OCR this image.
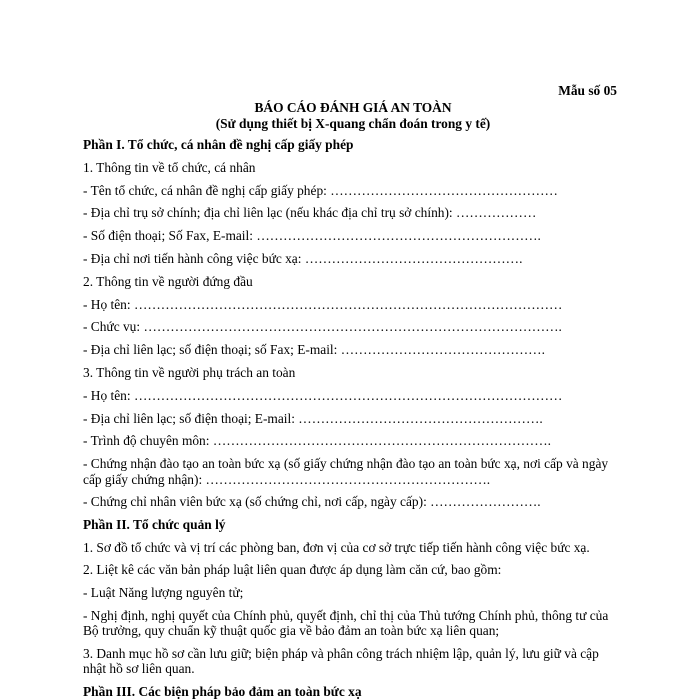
Mẫu số 05
BÁO CÁO ĐÁNH GIÁ AN TOÀN
(Sử dụng thiết bị X-quang chẩn đoán trong y tế)
Phần I. Tổ chức, cá nhân đề nghị cấp giấy phép
1. Thông tin về tổ chức, cá nhân
- Tên tổ chức, cá nhân đề nghị cấp giấy phép: ……………………………………………
- Địa chỉ trụ sở chính; địa chỉ liên lạc (nếu khác địa chỉ trụ sở chính): ………………
- Số điện thoại; Số Fax, E-mail: ……………………………………………………….
- Địa chỉ nơi tiến hành công việc bức xạ: ………………………………………….
2. Thông tin về người đứng đầu
- Họ tên: ……………………………………………………………………………………
- Chức vụ: ………………………………………………………………………………….
- Địa chỉ liên lạc; số điện thoại; số Fax; E-mail: ……………………………………….
3. Thông tin về người phụ trách an toàn
- Họ tên: ……………………………………………………………………………………
- Địa chỉ liên lạc; số điện thoại; E-mail: ……………………………………………….
- Trình độ chuyên môn: ………………………………………………………………….
- Chứng nhận đào tạo an toàn bức xạ (số giấy chứng nhận đào tạo an toàn bức xạ, nơi cấp và ngày cấp giấy chứng nhận): ……………………………………………………….
- Chứng chỉ nhân viên bức xạ (số chứng chỉ, nơi cấp, ngày cấp): …………………….
Phần II. Tổ chức quản lý
1. Sơ đồ tổ chức và vị trí các phòng ban, đơn vị của cơ sở trực tiếp tiến hành công việc bức xạ.
2. Liệt kê các văn bản pháp luật liên quan được áp dụng làm căn cứ, bao gồm:
- Luật Năng lượng nguyên tử;
- Nghị định, nghị quyết của Chính phủ, quyết định, chỉ thị của Thủ tướng Chính phủ, thông tư của Bộ trưởng, quy chuẩn kỹ thuật quốc gia về bảo đảm an toàn bức xạ liên quan;
3. Danh mục hồ sơ cần lưu giữ; biện pháp và phân công trách nhiệm lập, quản lý, lưu giữ và cập nhật hồ sơ liên quan.
Phần III. Các biện pháp bảo đảm an toàn bức xạ
